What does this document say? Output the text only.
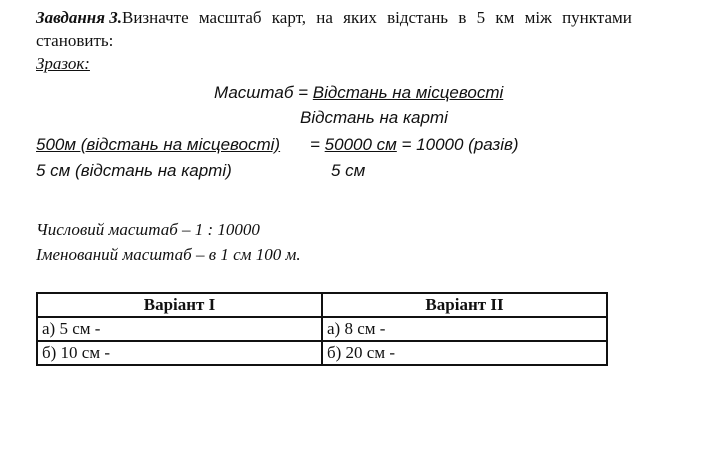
Завдання 3.Визначте масштаб карт, на яких відстань в 5 км між пунктами
становить:
Зразок:
Масштаб = Відстань на місцевості
Відстань на карті
500м (відстань на місцевості) = 50000 см = 10000 (разів)
5 см (відстань на карті)	5 см
Числовий масштаб – 1 : 10000
Іменований масштаб – в 1 см 100 м.
Варіант I	Варіант II
а) 5 см -	а) 8 см -
б) 10 см -	б) 20 см -
